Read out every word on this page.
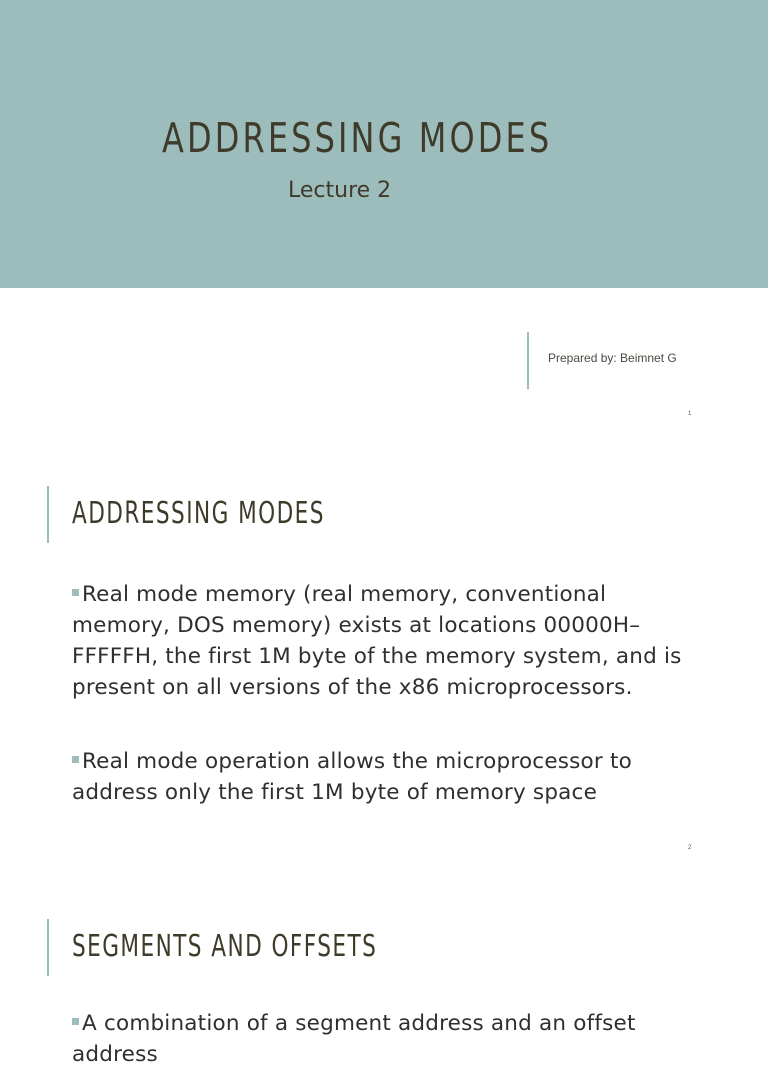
ADDRESSING MODES
Lecture 2
Prepared by: Beimnet G
1
ADDRESSING MODES
Real mode memory (real memory, conventional memory, DOS memory) exists at locations 00000H–FFFFFH, the first 1M byte of the memory system, and is present on all versions of the x86 microprocessors.
Real mode operation allows the microprocessor to address only the first 1M byte of memory space
2
SEGMENTS AND OFFSETS
A combination of a segment address and an offset address
